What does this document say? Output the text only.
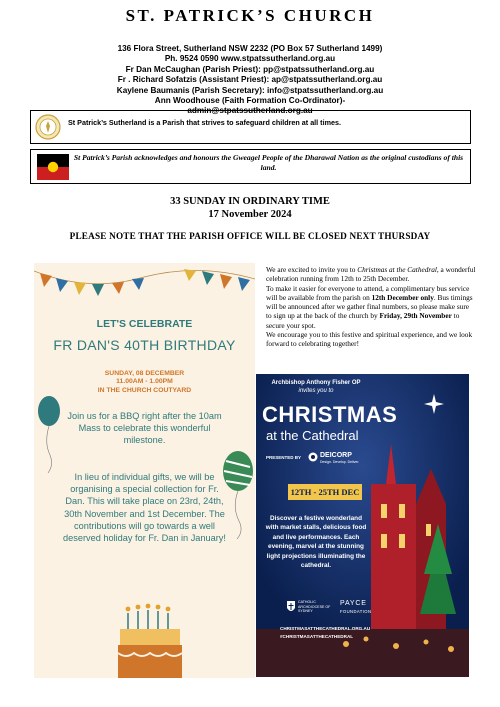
ST. PATRICK’S CHURCH
136 Flora Street, Sutherland NSW 2232 (PO Box 57 Sutherland 1499)
Ph. 9524 0590 www.stpatssutherland.org.au
Fr Dan McCaughan (Parish Priest): pp@stpatssutherland.org.au
Fr . Richard Sofatzis (Assistant Priest): ap@stpatssutherland.org.au
Kaylene Baumanis (Parish Secretary): info@stpatssutherland.org.au
Ann Woodhouse (Faith Formation Co-Ordinator)-
admin@stpatssutherland.org.au
St Patrick’s Sutherland is a Parish that strives to safeguard children at all times.
St Patrick’s Parish acknowledges and honours the Gweagel People of the Dharawal Nation as the original custodians of this land.
33 SUNDAY IN ORDINARY TIME
17 November 2024
PLEASE NOTE THAT THE PARISH OFFICE WILL BE CLOSED NEXT THURSDAY
LET'S CELEBRATE
FR DAN'S 40TH BIRTHDAY
SUNDAY, 08 DECEMBER
11.00AM - 1.00PM
IN THE CHURCH COUTYARD
Join us for a BBQ right after the 10am Mass to celebrate this wonderful milestone.
In lieu of individual gifts, we will be organising a special collection for Fr. Dan. This will take place on 23rd, 24th, 30th November and 1st December. The contributions will go towards a well deserved holiday for Fr. Dan in January!
We are excited to invite you to Christmas at the Cathedral, a wonderful celebration running from 12th to 25th December.
To make it easier for everyone to attend, a complimentary bus service will be available from the parish on 12th December only. Bus timings will be announced after we gather final numbers, so please make sure to sign up at the back of the church by Friday, 29th November to secure your spot.
We encourage you to this festive and spiritual experience, and we look forward to celebrating together!
Archbishop Anthony Fisher OP
invites you to
CHRISTMAS
at the Cathedral
PRESENTED BY	DEICORP
Design. Develop. Deliver.
12TH - 25TH DEC
Discover a festive wonderland with market stalls, delicious food and live performances. Each evening, marvel at the stunning light projections illuminating the cathedral.
CATHOLIC ARCHDIOCESE OF SYDNEY
PAYCE
FOUNDATION
CHRISTMASATTHECATHEDRAL.ORG.AU
#CHRISTMASATTHECATHEDRAL
